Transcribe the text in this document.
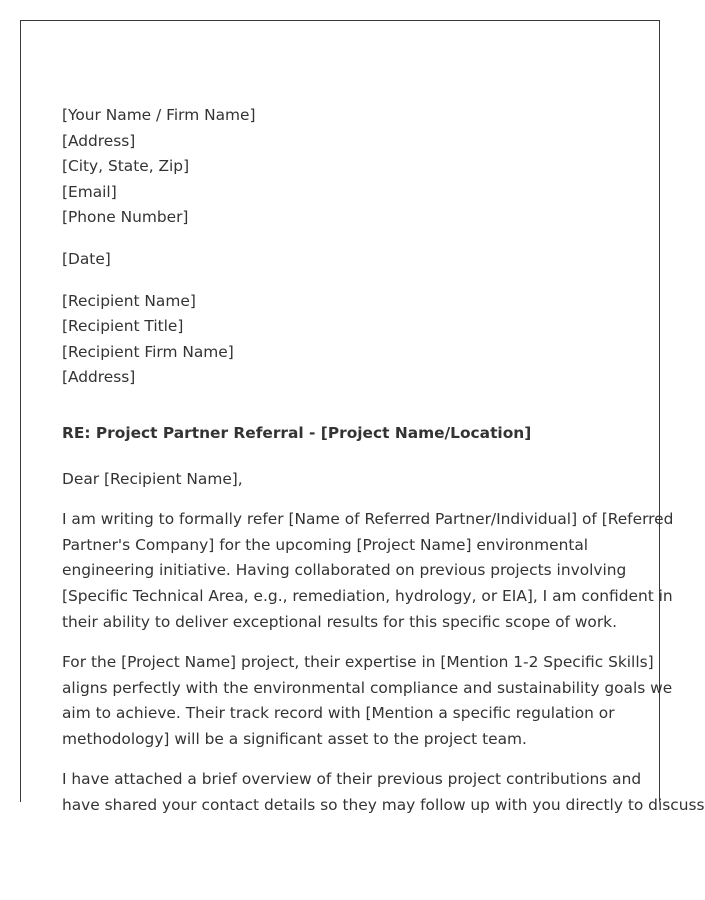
[Your Name / Firm Name]
[Address]
[City, State, Zip]
[Email]
[Phone Number]
[Date]
[Recipient Name]
[Recipient Title]
[Recipient Firm Name]
[Address]

RE: Project Partner Referral - [Project Name/Location]

Dear [Recipient Name],

I am writing to formally refer [Name of Referred Partner/Individual] of [Referred
Partner's Company] for the upcoming [Project Name] environmental
engineering initiative. Having collaborated on previous projects involving
[Specific Technical Area, e.g., remediation, hydrology, or EIA], I am confident in
their ability to deliver exceptional results for this specific scope of work.
For the [Project Name] project, their expertise in [Mention 1-2 Specific Skills]
aligns perfectly with the environmental compliance and sustainability goals we
aim to achieve. Their track record with [Mention a specific regulation or
methodology] will be a significant asset to the project team.
I have attached a brief overview of their previous project contributions and
have shared your contact details so they may follow up with you directly to discuss
